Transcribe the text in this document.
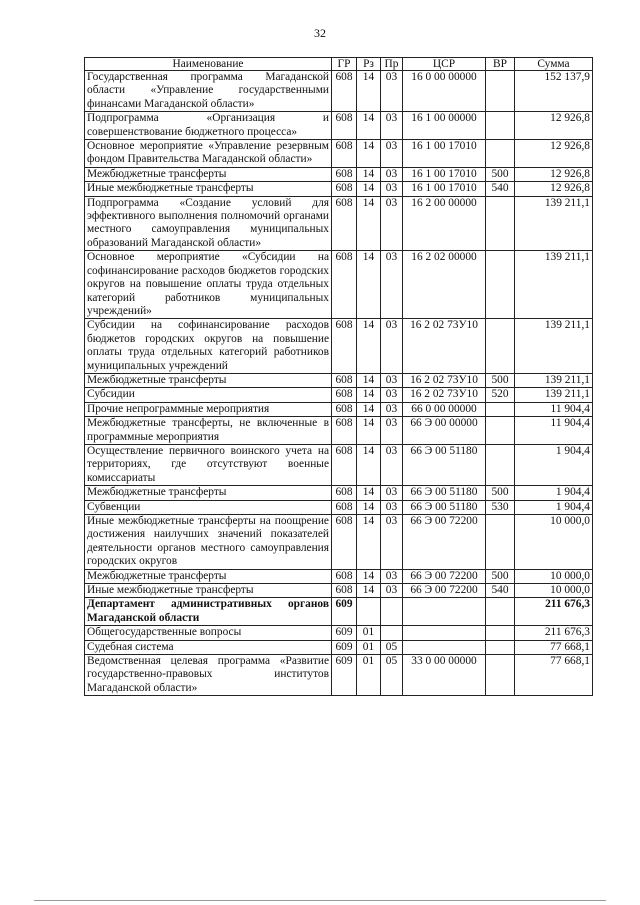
32
Наименование	ГР	Рз	Пр	ЦСР	ВР	Сумма
Государственная программа Магаданской области «Управление государственными финансами Магаданской области»	608	14	03	16 0 00 00000		152 137,9
Подпрограмма «Организация и совершенствование бюджетного процесса»	608	14	03	16 1 00 00000		12 926,8
Основное мероприятие «Управление резервным фондом Правительства Магаданской области»	608	14	03	16 1 00 17010		12 926,8
Межбюджетные трансферты	608	14	03	16 1 00 17010	500	12 926,8
Иные межбюджетные трансферты	608	14	03	16 1 00 17010	540	12 926,8
Подпрограмма «Создание условий для эффективного выполнения полномочий органами местного самоуправления муниципальных образований Магаданской области»	608	14	03	16 2 00 00000		139 211,1
Основное мероприятие «Субсидии на софинансирование расходов бюджетов городских округов на повышение оплаты труда отдельных категорий работников муниципальных учреждений»	608	14	03	16 2 02 00000		139 211,1
Субсидии на софинансирование расходов бюджетов городских округов на повышение оплаты труда отдельных категорий работников муниципальных учреждений	608	14	03	16 2 02 73У10		139 211,1
Межбюджетные трансферты	608	14	03	16 2 02 73У10	500	139 211,1
Субсидии	608	14	03	16 2 02 73У10	520	139 211,1
Прочие непрограммные мероприятия	608	14	03	66 0 00 00000		11 904,4
Межбюджетные трансферты, не включенные в программные мероприятия	608	14	03	66 Э 00 00000		11 904,4
Осуществление первичного воинского учета на территориях, где отсутствуют военные комиссариаты	608	14	03	66 Э 00 51180		1 904,4
Межбюджетные трансферты	608	14	03	66 Э 00 51180	500	1 904,4
Субвенции	608	14	03	66 Э 00 51180	530	1 904,4
Иные межбюджетные трансферты на поощрение достижения наилучших значений показателей деятельности органов местного самоуправления городских округов	608	14	03	66 Э 00 72200		10 000,0
Межбюджетные трансферты	608	14	03	66 Э 00 72200	500	10 000,0
Иные межбюджетные трансферты	608	14	03	66 Э 00 72200	540	10 000,0
Департамент административных органов Магаданской области	609					211 676,3
Общегосударственные вопросы	609	01				211 676,3
Судебная система	609	01	05			77 668,1
Ведомственная целевая программа «Развитие государственно-правовых институтов Магаданской области»	609	01	05	33 0 00 00000		77 668,1
